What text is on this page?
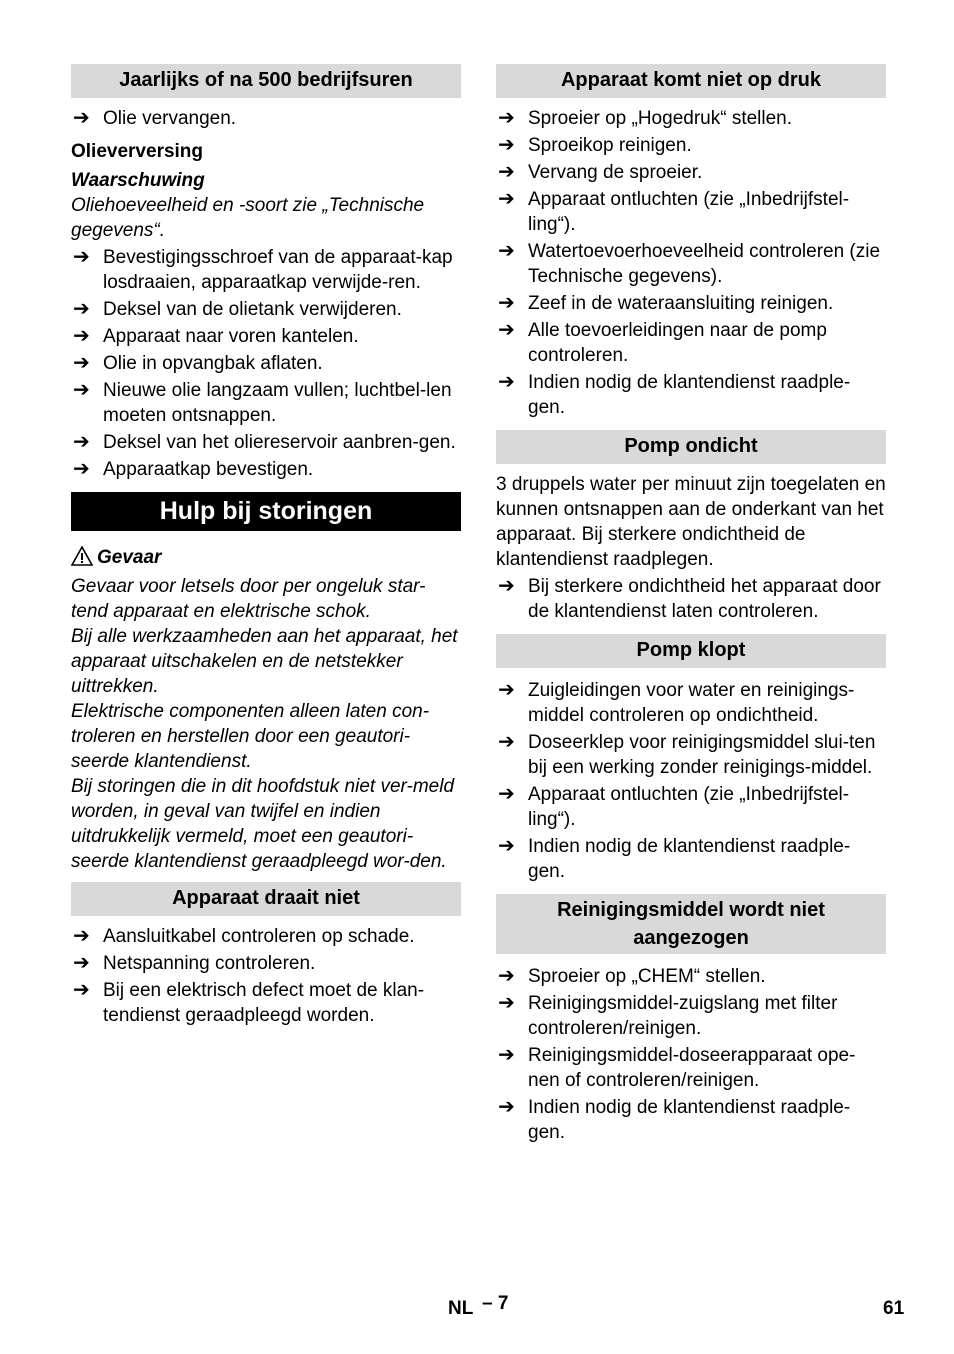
Jaarlijks of na 500 bedrijfsuren
➔ Olie vervangen.
Olieverversing
Waarschuwing

Oliehoeveelheid en -soort zie „Technische gegevens“.

➔ Bevestigingsschroef van de apparaat-kap losdraaien, apparaatkap verwijde-ren.
➔ Deksel van de olietank verwijderen.
➔ Apparaat naar voren kantelen.
➔ Olie in opvangbak aflaten.
➔ Nieuwe olie langzaam vullen; luchtbel-len moeten ontsnappen.
➔ Deksel van het oliereservoir aanbren-gen.
➔ Apparaatkap bevestigen.
Hulp bij storingen
Gevaar

Gevaar voor letsels door per ongeluk star-tend apparaat en elektrische schok.

Bij alle werkzaamheden aan het apparaat, het apparaat uitschakelen en de netstekker uittrekken.

Elektrische componenten alleen laten con-troleren en herstellen door een geautori-seerde klantendienst.

Bij storingen die in dit hoofdstuk niet ver-meld worden, in geval van twijfel en indien uitdrukkelijk vermeld, moet een geautori-seerde klantendienst geraadpleegd wor-den.

Apparaat draait niet
➔ Aansluitkabel controleren op schade.
➔ Netspanning controleren.
➔ Bij een elektrisch defect moet de klan-tendienst geraadpleegd worden.
Apparaat komt niet op druk
➔ Sproeier op „Hogedruk“ stellen.
➔ Sproeikop reinigen.
➔ Vervang de sproeier.
➔ Apparaat ontluchten (zie „Inbedrijfstel-ling“).
➔ Watertoevoerhoeveelheid controleren (zie Technische gegevens).
➔ Zeef in de wateraansluiting reinigen.
➔ Alle toevoerleidingen naar de pomp controleren.
➔ Indien nodig de klantendienst raadple-gen.
Pomp ondicht

3 druppels water per minuut zijn toegelaten en kunnen ontsnappen aan de onderkant van het apparaat. Bij sterkere ondichtheid de klantendienst raadplegen.

➔ Bij sterkere ondichtheid het apparaat door de klantendienst laten controleren.
Pomp klopt
➔ Zuigleidingen voor water en reinigings-middel controleren op ondichtheid.
➔ Doseerklep voor reinigingsmiddel slui-ten bij een werking zonder reinigings-middel.
➔ Apparaat ontluchten (zie „Inbedrijfstel-ling“).
➔ Indien nodig de klantendienst raadple-gen.
Reinigingsmiddel wordt niet aangezogen
➔ Sproeier op „CHEM“ stellen.
➔ Reinigingsmiddel-zuigslang met filter controleren/reinigen.
➔ Reinigingsmiddel-doseerapparaat ope-nen of controleren/reinigen.
➔ Indien nodig de klantendienst raadple-gen.
NL – 7	61
